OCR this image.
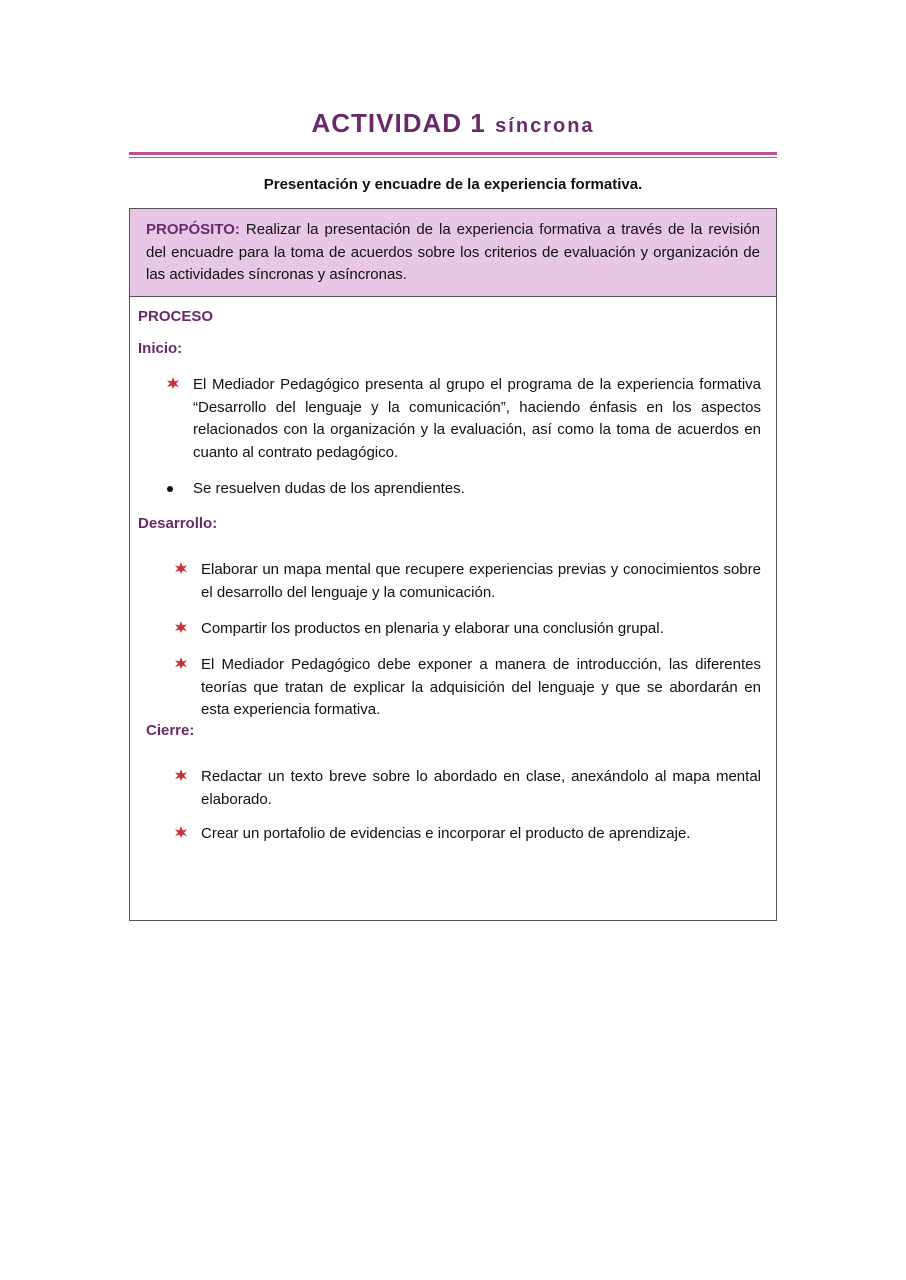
ACTIVIDAD 1 síncrona
Presentación y encuadre de la experiencia formativa.
PROPÓSITO: Realizar la presentación de la experiencia formativa a través de la revisión del encuadre para la toma de acuerdos sobre los criterios de evaluación y organización de las actividades síncronas y asíncronas.
PROCESO
Inicio:
El Mediador Pedagógico presenta al grupo el programa de la experiencia formativa “Desarrollo del lenguaje y la comunicación”, haciendo énfasis en los aspectos relacionados con la organización y la evaluación, así como la toma de acuerdos en cuanto al contrato pedagógico.
Se resuelven dudas de los aprendientes.
Desarrollo:
Elaborar un mapa mental que recupere experiencias previas y conocimientos sobre el desarrollo del lenguaje y la comunicación.
Compartir los productos en plenaria y elaborar una conclusión grupal.
El Mediador Pedagógico debe exponer a manera de introducción, las diferentes teorías que tratan de explicar la adquisición del lenguaje y que se abordarán en esta experiencia formativa.
Cierre:
Redactar un texto breve sobre lo abordado en clase, anexándolo al mapa mental elaborado.
Crear un portafolio de evidencias e incorporar el producto de aprendizaje.
